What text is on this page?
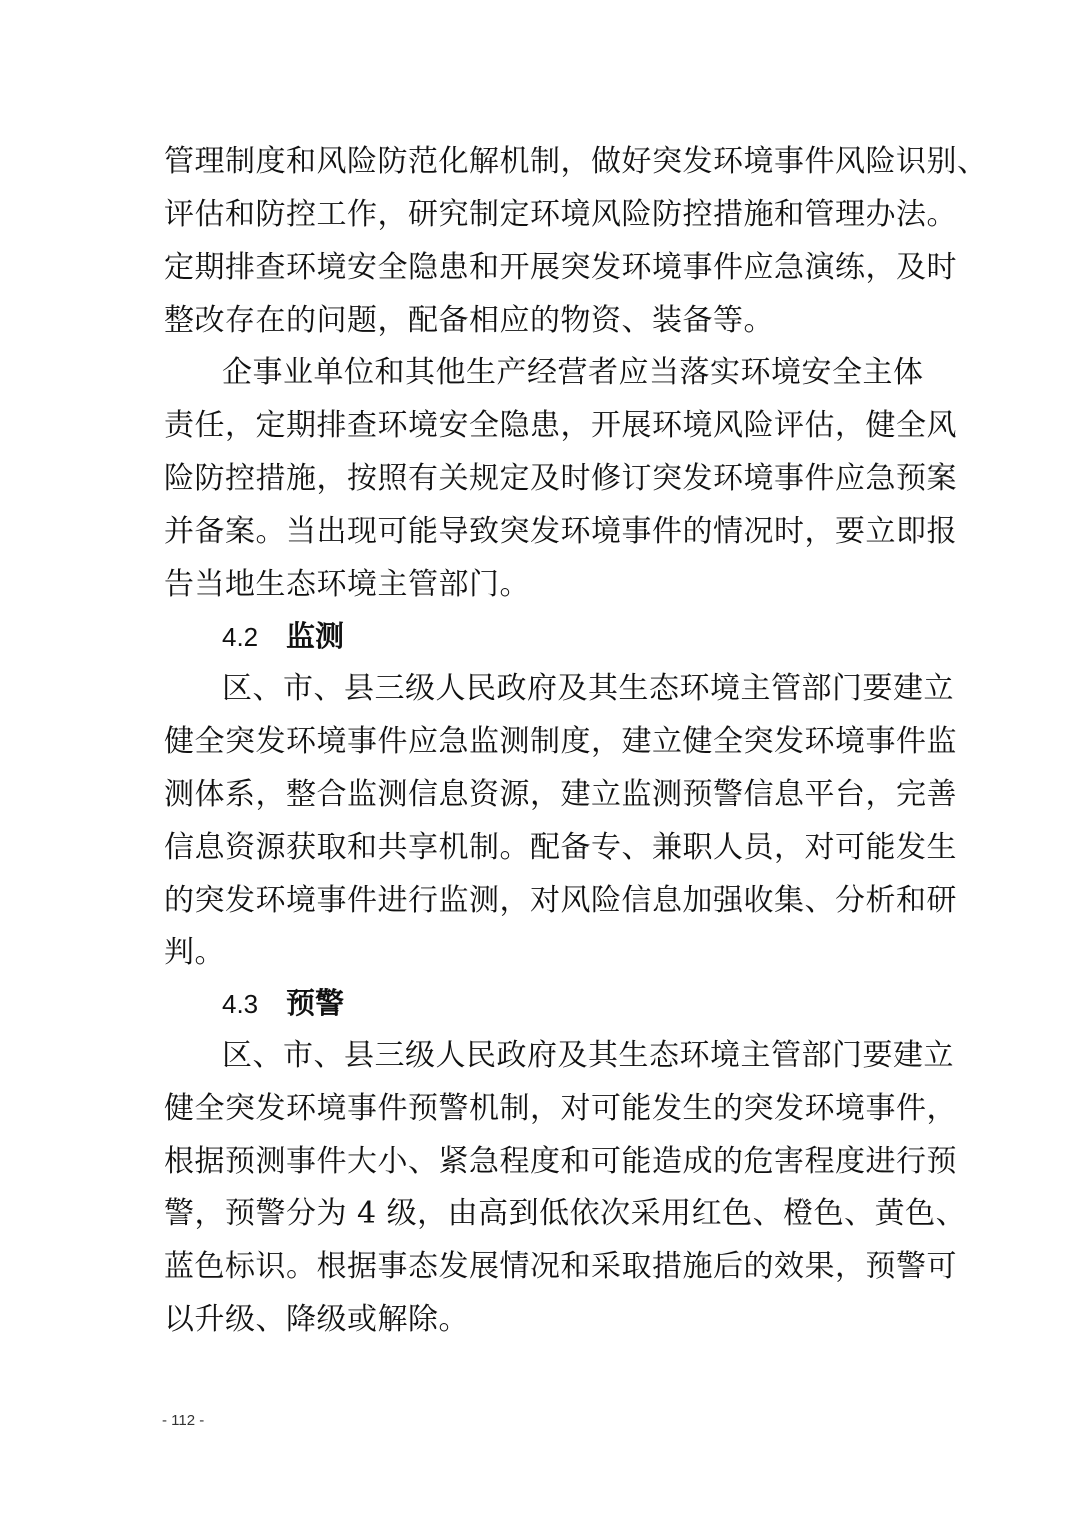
管理制度和风险防范化解机制，做好突发环境事件风险识别、
评估和防控工作，研究制定环境风险防控措施和管理办法。
定期排查环境安全隐患和开展突发环境事件应急演练，及时
整改存在的问题，配备相应的物资、装备等。
企事业单位和其他生产经营者应当落实环境安全主体
责任，定期排查环境安全隐患，开展环境风险评估，健全风
险防控措施，按照有关规定及时修订突发环境事件应急预案
并备案。当出现可能导致突发环境事件的情况时，要立即报
告当地生态环境主管部门。
4.2 监测
区、市、县三级人民政府及其生态环境主管部门要建立
健全突发环境事件应急监测制度，建立健全突发环境事件监
测体系，整合监测信息资源，建立监测预警信息平台，完善
信息资源获取和共享机制。配备专、兼职人员，对可能发生
的突发环境事件进行监测，对风险信息加强收集、分析和研
判。
4.3 预警
区、市、县三级人民政府及其生态环境主管部门要建立
健全突发环境事件预警机制，对可能发生的突发环境事件，
根据预测事件大小、紧急程度和可能造成的危害程度进行预
警，预警分为 4 级，由高到低依次采用红色、橙色、黄色、
蓝色标识。根据事态发展情况和采取措施后的效果，预警可
以升级、降级或解除。
- 112 -
